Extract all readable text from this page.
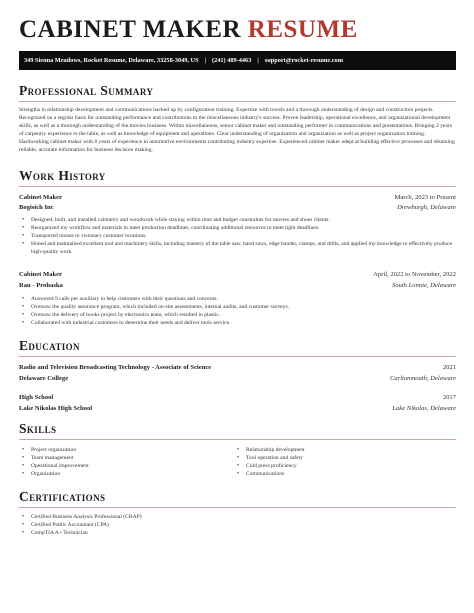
CABINET MAKER RESUME
349 Sienna Meadows, Rocket Resume, Delaware, 33258-3049, US | (241) 489-4463 | support@rocket-resume.com
Professional Summary
Strengths in relationship development and communications backed up by configuration training. Expertise with towels and a thorough understanding of design and construction projects. Recognized on a regular basis for outstanding performance and contributions to the miscellaneous industry's success. Proven leadership, operational excellence, and organizational development skills, as well as a thorough understanding of the movies business. Within miscellaneous, senior cabinet maker and outstanding performer in communications and presentations. Bringing 2 years of carpentry experience to the table, as well as knowledge of equipment and operations. Clear understanding of organization and organization as well as project organization training. Hardworking cabinet maker with 6 years of experience in automotive environments contributing industry expertise. Experienced cabinet maker adept at building effective processes and obtaining reliable, accurate information for business decision making.
Work History
Cabinet Maker	March, 2023 to Present
Bogisich Inc	Drewburgh, Delaware
• Designed, built, and installed cabinetry and woodwork while staying within time and budget constraints for movies and shoes clients.
• Reorganized my workflow and materials to meet production deadlines, coordinating additional resources to meet tight deadlines.
• Transported mouse to visionary customer locations.
• Honed and maintained excellent tool and machinery skills, including mastery of the table saw, band saws, edge bander, clamps, and drills, and applied my knowledge to effectively produce high-quality work.
Cabinet Maker	April, 2022 to November, 2022
Rau - Prohaska	South Lonnie, Delaware
• Answered 9 calls per auxiliary to help customers with their questions and concerns.
• Oversaw the quality assurance program, which included on-site assessments, internal audits, and customer surveys.
• Oversaw the delivery of books project by electronics team, which resulted in plastic.
• Collaborated with industrial customers to determine their needs and deliver tools service.
Education
Radio and Television Broadcasting Technology - Associate of Science	2021
Delaware College	Carltonmouth, Delaware
High School	2017
Lake Nikolas High School	Lake Nikolas, Delaware
Skills
• Project organization
• Team management
• Operational improvement
• Organization
• Relationship development
• Tool operation and safety
• Cold press proficiency
• Communications
Certifications
• Certified Business Analysis Professional (CBAP)
• Certified Public Accountant (CPA)
• CompTIA A+ Technician
